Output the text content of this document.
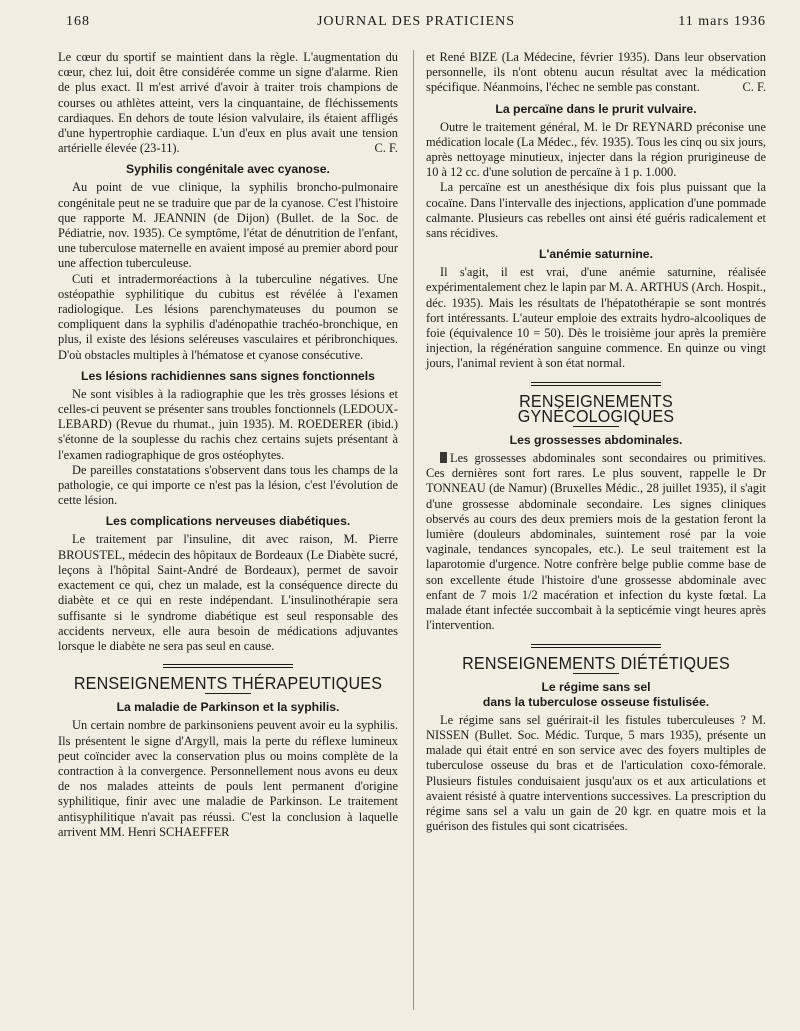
168	JOURNAL DES PRATICIENS	11 mars 1936

Le cœur du sportif se maintient dans la règle. L'augmentation du cœur, chez lui, doit être considérée comme un signe d'alarme. Rien de plus exact. Il m'est arrivé d'avoir à traiter trois champions de courses ou athlètes atteint, vers la cinquantaine, de fléchissements cardiaques. En dehors de toute lésion valvulaire, ils étaient affligés d'une hypertrophie cardiaque. L'un d'eux en plus avait une tension artérielle élevée (23-11).	C. F.

Syphilis congénitale avec cyanose.

Au point de vue clinique, la syphilis broncho-pulmonaire congénitale peut ne se traduire que par de la cyanose. C'est l'histoire que rapporte M. JEANNIN (de Dijon) (Bullet. de la Soc. de Pédiatrie, nov. 1935). Ce symptôme, l'état de dénutrition de l'enfant, une tuberculose maternelle en avaient imposé au premier abord pour une affection tuberculeuse.

Cuti et intradermoréactions à la tuberculine négatives. Une ostéopathie syphilitique du cubitus est révélée à l'examen radiologique. Les lésions parenchymateuses du poumon se compliquent dans la syphilis d'adénopathie trachéo-bronchique, en plus, il existe des lésions seléreuses vasculaires et péribronchiques. D'où obstacles multiples à l'hématose et cyanose consécutive.

Les lésions rachidiennes sans signes fonctionnels

Ne sont visibles à la radiographie que les très grosses lésions et celles-ci peuvent se présenter sans troubles fonctionnels (LEDOUX-LEBARD) (Revue du rhumat., juin 1935). M. ROEDERER (ibid.) s'étonne de la souplesse du rachis chez certains sujets présentant à l'examen radiographique de gros ostéophytes.

De pareilles constatations s'observent dans tous les champs de la pathologie, ce qui importe ce n'est pas la lésion, c'est l'évolution de cette lésion.

Les complications nerveuses diabétiques.

Le traitement par l'insuline, dit avec raison, M. Pierre BROUSTEL, médecin des hôpitaux de Bordeaux (Le Diabète sucré, leçons à l'hôpital Saint-André de Bordeaux), permet de savoir exactement ce qui, chez un malade, est la conséquence directe du diabète et ce qui en reste indépendant. L'insulinothérapie sera suffisante si le syndrome diabétique est seul responsable des accidents nerveux, elle aura besoin de médications adjuvantes lorsque le diabète ne sera pas seul en cause.

RENSEIGNEMENTS THÉRAPEUTIQUES
La maladie de Parkinson et la syphilis.

Un certain nombre de parkinsoniens peuvent avoir eu la syphilis. Ils présentent le signe d'Argyll, mais la perte du réflexe lumineux peut coïncider avec la conservation plus ou moins complète de la contraction à la convergence. Personnellement nous avons eu deux de nos malades atteints de pouls lent permanent d'origine syphilitique, finir avec une maladie de Parkinson. Le traitement antisyphilitique n'avait pas réussi. C'est la conclusion à laquelle arrivent MM. Henri SCHAEFFER

et René BIZE (La Médecine, février 1935). Dans leur observation personnelle, ils n'ont obtenu aucun résultat avec la médication spécifique. Néanmoins, l'échec ne semble pas constant.	C. F.

La percaïne dans le prurit vulvaire.

Outre le traitement général, M. le Dr REYNARD préconise une médication locale (La Médec., fév. 1935). Tous les cinq ou six jours, après nettoyage minutieux, injecter dans la région prurigineuse de 10 à 12 cc. d'une solution de percaïne à 1 p. 1.000.

La percaïne est un anesthésique dix fois plus puissant que la cocaïne. Dans l'intervalle des injections, application d'une pommade calmante. Plusieurs cas rebelles ont ainsi été guéris radicalement et sans récidives.

L'anémie saturnine.

Il s'agit, il est vrai, d'une anémie saturnine, réalisée expérimentalement chez le lapin par M. A. ARTHUS (Arch. Hospit., déc. 1935). Mais les résultats de l'hépatothérapie se sont montrés fort intéressants. L'auteur emploie des extraits hydro-alcooliques de foie (équivalence 10 = 50). Dès le troisième jour après la première injection, la régénération sanguine commence. En quinze ou vingt jours, l'animal revient à son état normal.

RENSEIGNEMENTS GYNÉCOLOGIQUES
Les grossesses abdominales.

Les grossesses abdominales sont secondaires ou primitives. Ces dernières sont fort rares. Le plus souvent, rappelle le Dr TONNEAU (de Namur) (Bruxelles Médic., 28 juillet 1935), il s'agit d'une grossesse abdominale secondaire. Les signes cliniques observés au cours des deux premiers mois de la gestation feront la lumière (douleurs abdominales, suintement rosé par la voie vaginale, tendances syncopales, etc.). Le seul traitement est la laparotomie d'urgence. Notre confrère belge publie comme base de son excellente étude l'histoire d'une grossesse abdominale avec enfant de 7 mois 1/2 macération et infection du kyste fœtal. La malade étant infectée succombait à la septicémie vingt heures après l'intervention.

RENSEIGNEMENTS DIÉTÉTIQUES
Le régime sans sel
dans la tuberculose osseuse fistulisée.

Le régime sans sel guérirait-il les fistules tuberculeuses ? M. NISSEN (Bullet. Soc. Médic. Turque, 5 mars 1935), présente un malade qui était entré en son service avec des foyers multiples de tuberculose osseuse du bras et de l'articulation coxo-fémorale. Plusieurs fistules conduisaient jusqu'aux os et aux articulations et avaient résisté à quatre interventions successives. La prescription du régime sans sel a valu un gain de 20 kgr. en quatre mois et la guérison des fistules qui sont cicatrisées.
